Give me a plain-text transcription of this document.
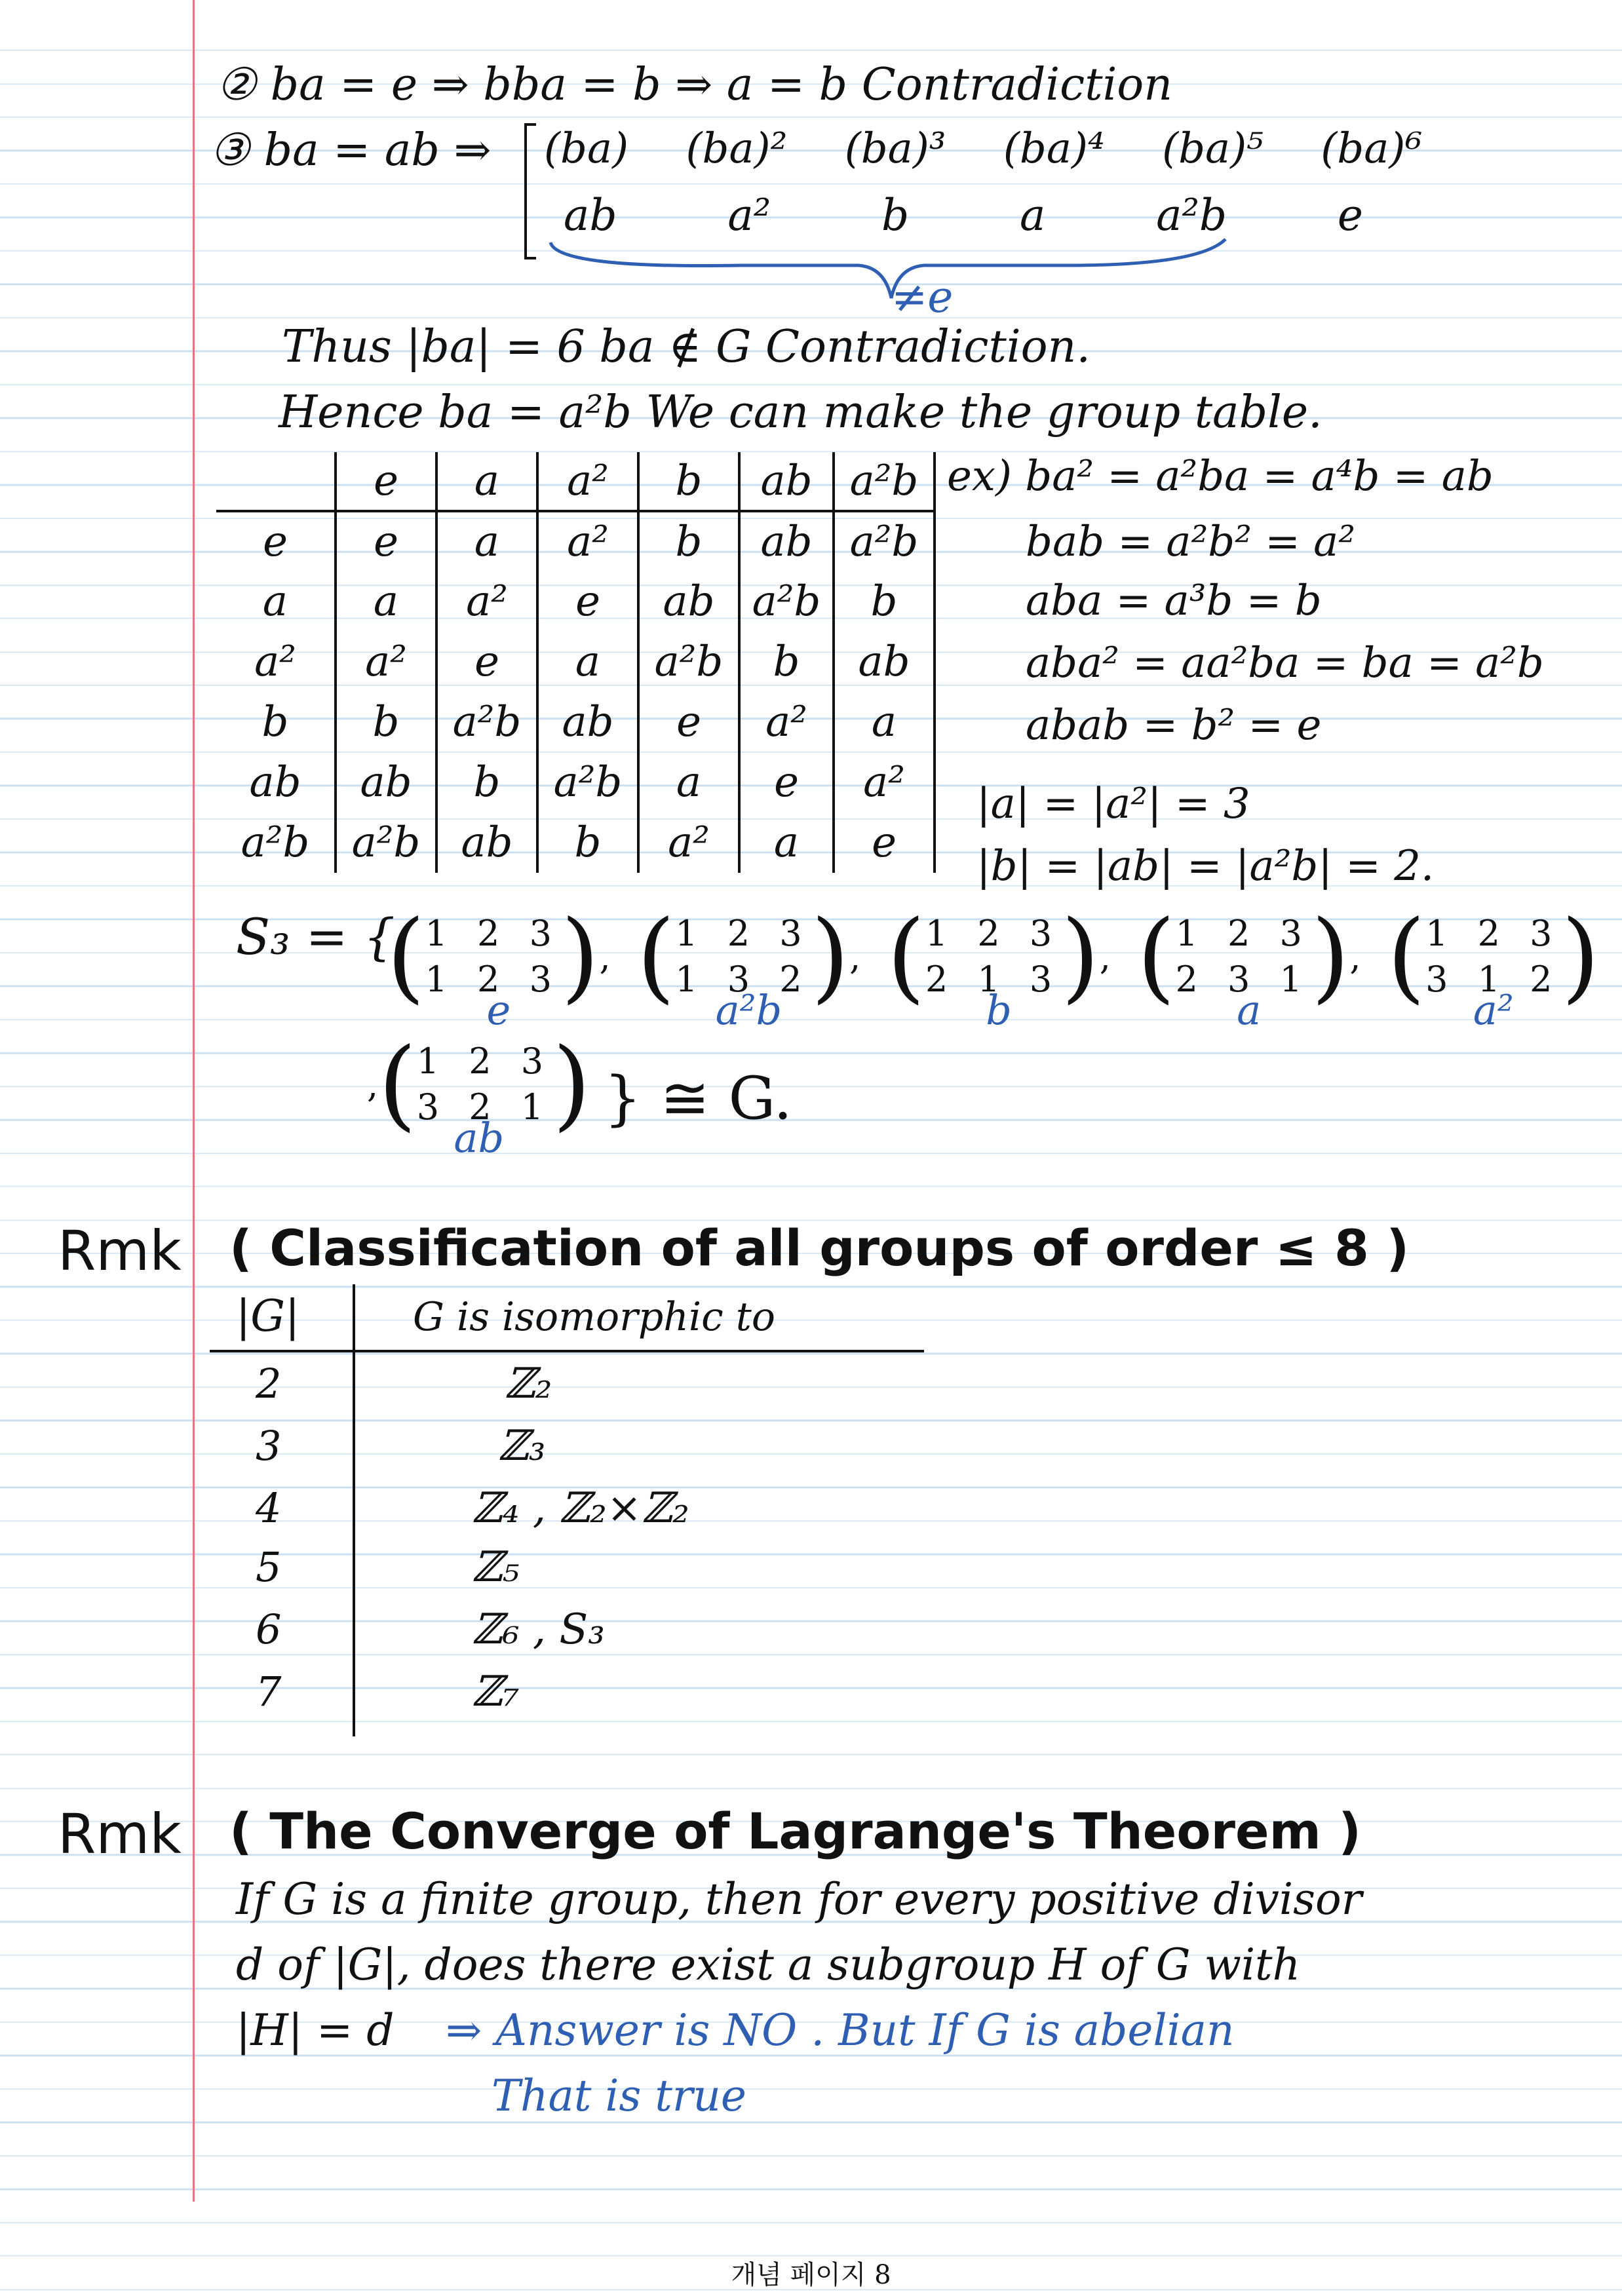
② ba = e ⇒ bba = b ⇒ a = b Contradiction
③ ba = ab ⇒ (ba) (ba)² (ba)³ (ba)⁴ (ba)⁵ (ba)⁶
ab	a²	b	a	a²b	e
≠e
Thus |ba| = 6 ba ∉ G Contradiction.
Hence ba = a²b We can make the group table.
	e	a	a²	b	ab	a²b
e	e	a	a²	b	ab	a²b
a	a	a²	e	ab	a²b	b
a²	a²	e	a	a²b	b	ab
b	b	a²b	ab	e	a²	a
ab	ab	b	a²b	a	e	a²
a²b	a²b	ab	b	a²	a	e
ex) ba² = a²ba = a⁴b = ab
bab = a²b² = a²
aba = a³b = b
aba² = aa²ba = ba = a²b
abab = b² = e
|a| = |a²| = 3
|b| = |ab| = |a²b| = 2.
S₃ = {
( 1 2 3
1 2 3 ) ,
e	( 1 2 3
1 3 2 ) ,
a²b	( 1 2 3
2 1 3 ) ,
b	( 1 2 3
2 3 1 ) ,
a	( 1 2 3
3 1 2 )
a²
, ( 1 2 3
3 2 1 )
ab
} ≅ G.
Rmk ( Classification of all groups of order ≤ 8 )
|G|	G is isomorphic to
2	ℤ₂
3	ℤ₃
4	ℤ₄ , ℤ₂×ℤ₂
5	ℤ₅
6	ℤ₆ , S₃
7	ℤ₇
Rmk ( The Converge of Lagrange's Theorem )
If G is a finite group, then for every positive divisor
d of |G|, does there exist a subgroup H of G with
|H| = d ⇒ Answer is NO . But If G is abelian
That is true
개념 페이지 8
